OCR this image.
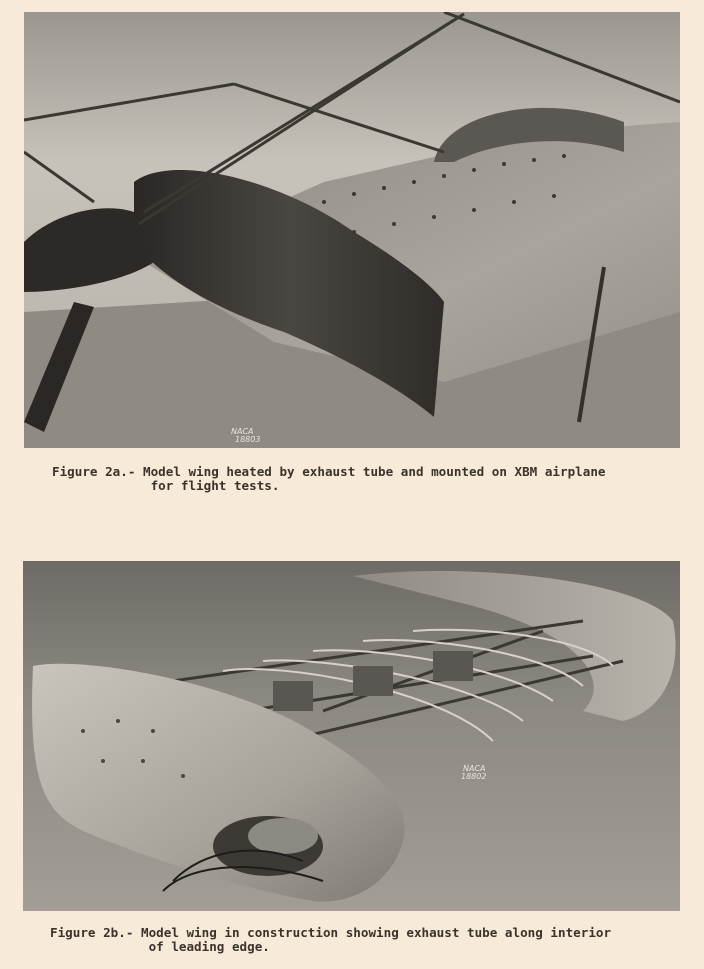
NACA
18803
Figure 2a.- Model wing heated by exhaust tube and mounted on XBM airplane
for flight tests.
NACA
18802
Figure 2b.- Model wing in construction showing exhaust tube along interior
of leading edge.
